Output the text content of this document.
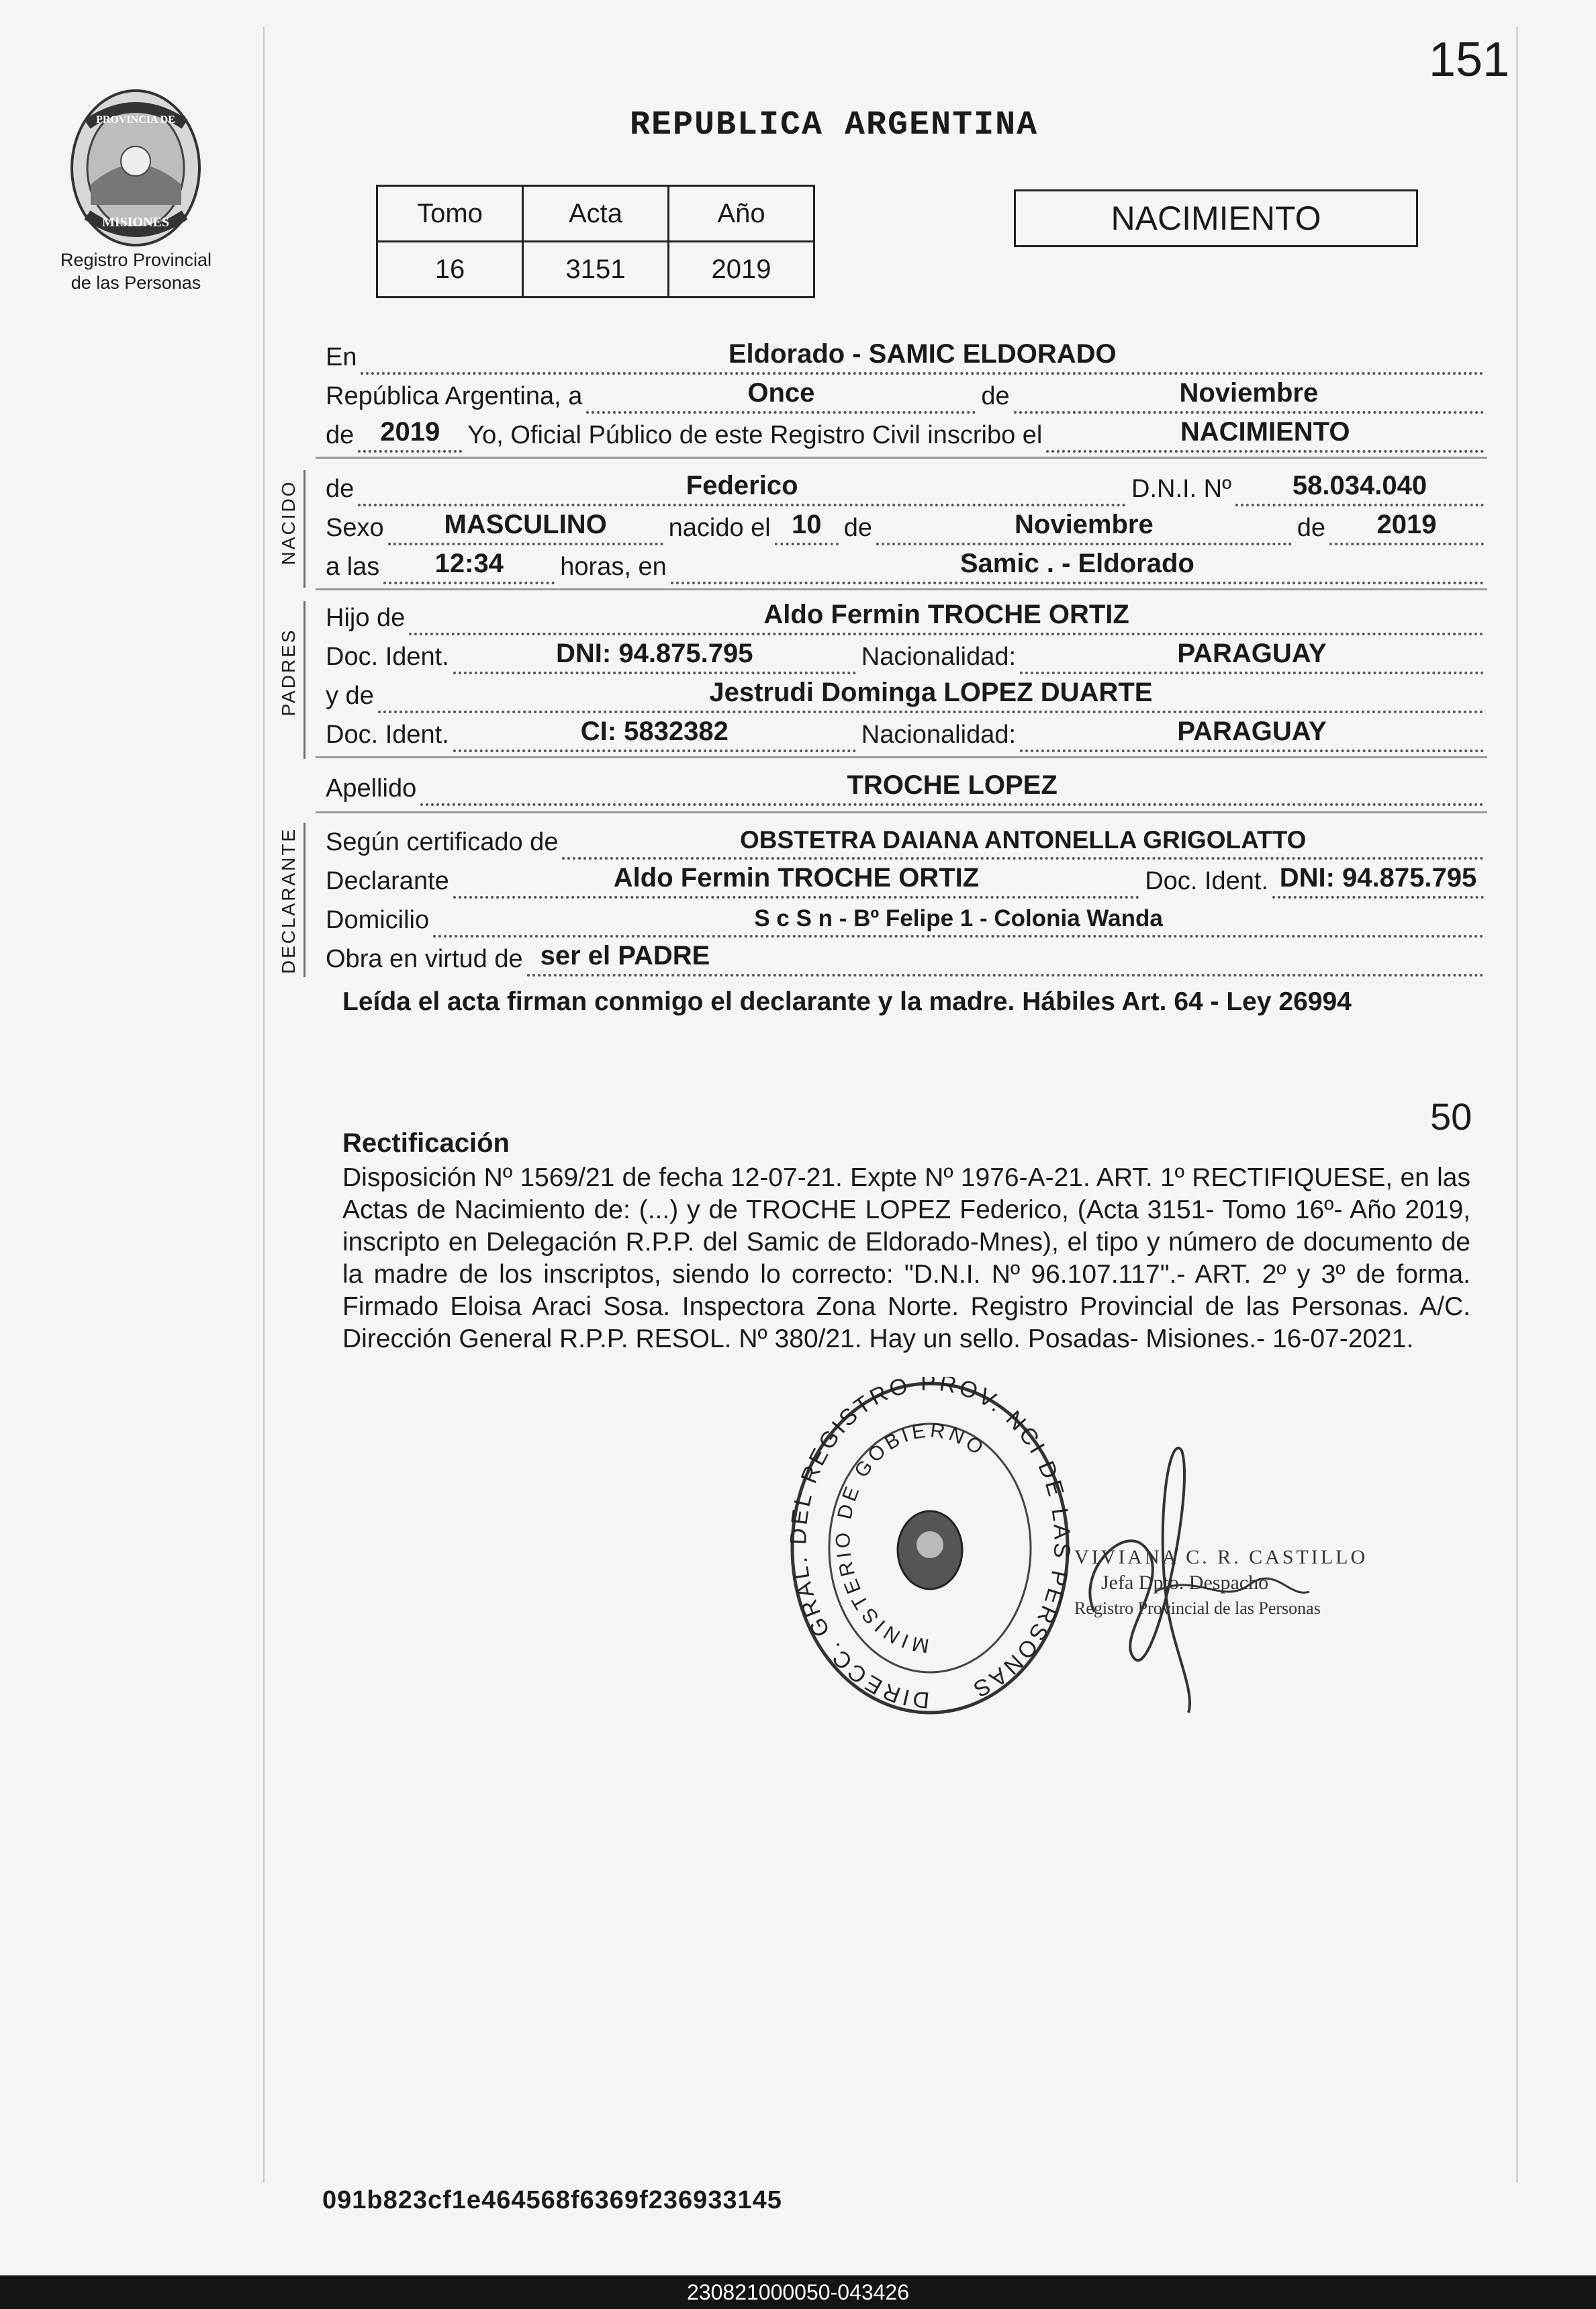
151
PROVINCIA DE
MISIONES
Registro Provincial
de las Personas
REPUBLICA ARGENTINA
Tomo	Acta	Año
16	3151	2019
NACIMIENTO
En	Eldorado - SAMIC ELDORADO
República Argentina, a	Once	de	Noviembre
de 2019	Yo, Oficial Público de este Registro Civil inscribo el	NACIMIENTO
NACIDO de	Federico	D.N.I. Nº	58.034.040
Sexo	MASCULINO	nacido el 10 de	Noviembre	de	2019
a las	12:34	horas, en	Samic . - Eldorado
PADRES
Hijo de	Aldo Fermin TROCHE ORTIZ
Doc. Ident.	DNI: 94.875.795	Nacionalidad:	PARAGUAY
y de	Jestrudi Dominga LOPEZ DUARTE
Doc. Ident.	CI: 5832382	Nacionalidad:	PARAGUAY
Apellido	TROCHE LOPEZ
DECLARANTE Según certificado de	OBSTETRA DAIANA ANTONELLA GRIGOLATTO
Declarante	Aldo Fermin TROCHE ORTIZ	Doc. Ident. DNI: 94.875.795
Domicilio	S c S n - Bº Felipe 1 - Colonia Wanda
Obra en virtud de ser el PADRE
Leída el acta firman conmigo el declarante y la madre. Hábiles Art. 64 - Ley 26994
50
Rectificación
Disposición Nº 1569/21 de fecha 12-07-21. Expte Nº 1976-A-21. ART. 1º RECTIFIQUESE, en las Actas de Nacimiento de: (...) y de TROCHE LOPEZ Federico, (Acta 3151- Tomo 16º- Año 2019, inscripto en Delegación R.P.P. del Samic de Eldorado-Mnes), el tipo y número de documento de la madre de los inscriptos, siendo lo correcto: "D.N.I. Nº 96.107.117".- ART. 2º y 3º de forma. Firmado Eloisa Araci Sosa. Inspectora Zona Norte. Registro Provincial de las Personas. A/C. Dirección General R.P.P. RESOL. Nº 380/21. Hay un sello. Posadas- Misiones.- 16-07-2021.
DIRECC. GRAL. DEL REGISTRO PROV. NCI DE LAS PERSONAS
MINISTERIO DE GOBIERNO
VIVIANA C. R. CASTILLO
Jefa Dpto. Despacho
Registro Provincial de las Personas
091b823cf1e464568f6369f236933145
230821000050-043426
